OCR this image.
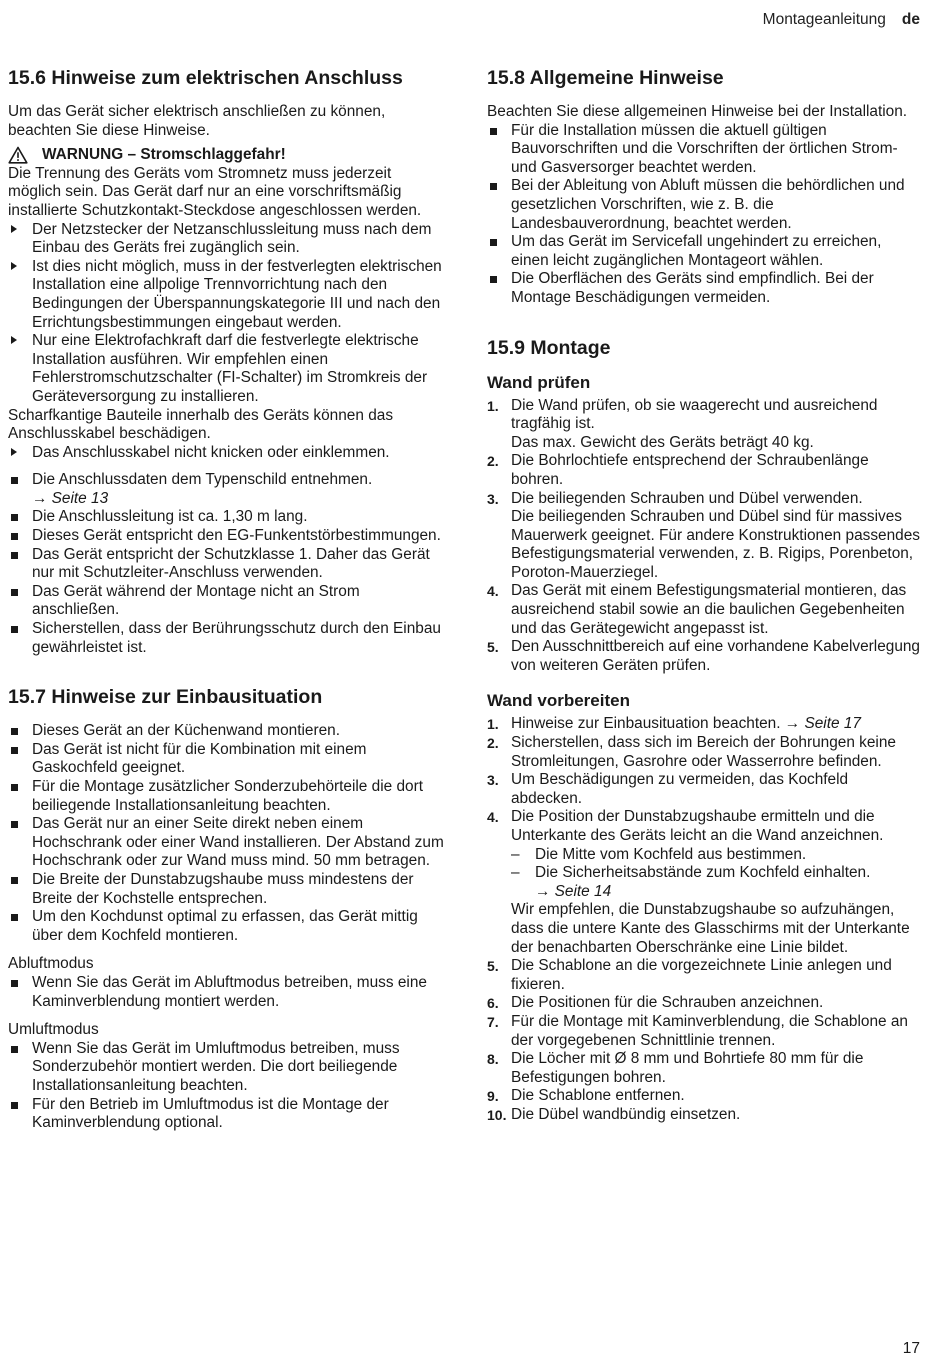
Montageanleitung de
15.6 Hinweise zum elektrischen Anschluss

Um das Gerät sicher elektrisch anschließen zu können, beachten Sie diese Hinweise.

WARNUNG – Stromschlaggefahr!

Die Trennung des Geräts vom Stromnetz muss jederzeit möglich sein. Das Gerät darf nur an eine vorschriftsmäßig installierte Schutzkontakt-Steckdose angeschlossen werden.

Der Netzstecker der Netzanschlussleitung muss nach dem Einbau des Geräts frei zugänglich sein.
Ist dies nicht möglich, muss in der festverlegten elektrischen Installation eine allpolige Trennvorrichtung nach den Bedingungen der Überspannungskategorie III und nach den Errichtungsbestimmungen eingebaut werden.
Nur eine Elektrofachkraft darf die festverlegte elektrische Installation ausführen. Wir empfehlen einen Fehlerstromschutzschalter (FI-Schalter) im Stromkreis der Geräteversorgung zu installieren.

Scharfkantige Bauteile innerhalb des Geräts können das Anschlusskabel beschädigen.

Das Anschlusskabel nicht knicken oder einklemmen.
Die Anschlussdaten dem Typenschild entnehmen.
→ Seite 13
Die Anschlussleitung ist ca. 1,30 m lang.
Dieses Gerät entspricht den EG-Funkentstörbestimmungen.
Das Gerät entspricht der Schutzklasse 1. Daher das Gerät nur mit Schutzleiter-Anschluss verwenden.
Das Gerät während der Montage nicht an Strom anschließen.
Sicherstellen, dass der Berührungsschutz durch den Einbau gewährleistet ist.
15.7 Hinweise zur Einbausituation
Dieses Gerät an der Küchenwand montieren.
Das Gerät ist nicht für die Kombination mit einem Gaskochfeld geeignet.
Für die Montage zusätzlicher Sonderzubehörteile die dort beiliegende Installationsanleitung beachten.
Das Gerät nur an einer Seite direkt neben einem Hochschrank oder einer Wand installieren. Der Abstand zum Hochschrank oder zur Wand muss mind. 50 mm betragen.
Die Breite der Dunstabzugshaube muss mindestens der Breite der Kochstelle entsprechen.
Um den Kochdunst optimal zu erfassen, das Gerät mittig über dem Kochfeld montieren.

Abluftmodus

Wenn Sie das Gerät im Abluftmodus betreiben, muss eine Kaminverblendung montiert werden.

Umluftmodus

Wenn Sie das Gerät im Umluftmodus betreiben, muss Sonderzubehör montiert werden. Die dort beiliegende Installationsanleitung beachten.
Für den Betrieb im Umluftmodus ist die Montage der Kaminverblendung optional.
15.8 Allgemeine Hinweise

Beachten Sie diese allgemeinen Hinweise bei der Installation.

Für die Installation müssen die aktuell gültigen Bauvorschriften und die Vorschriften der örtlichen Strom- und Gasversorger beachtet werden.
Bei der Ableitung von Abluft müssen die behördlichen und gesetzlichen Vorschriften, wie z. B. die Landesbauverordnung, beachtet werden.
Um das Gerät im Servicefall ungehindert zu erreichen, einen leicht zugänglichen Montageort wählen.
Die Oberflächen des Geräts sind empfindlich. Bei der Montage Beschädigungen vermeiden.
15.9 Montage
Wand prüfen
1. Die Wand prüfen, ob sie waagerecht und ausreichend tragfähig ist.
Das max. Gewicht des Geräts beträgt 40 kg.
2. Die Bohrlochtiefe entsprechend der Schraubenlänge bohren.
3. Die beiliegenden Schrauben und Dübel verwenden.
Die beiliegenden Schrauben und Dübel sind für massives Mauerwerk geeignet. Für andere Konstruktionen passendes Befestigungsmaterial verwenden, z. B. Rigips, Porenbeton, Poroton-Mauerziegel.
4. Das Gerät mit einem Befestigungsmaterial montieren, das ausreichend stabil sowie an die baulichen Gegebenheiten und das Gerätegewicht angepasst ist.
5. Den Ausschnittbereich auf eine vorhandene Kabelverlegung von weiteren Geräten prüfen.
Wand vorbereiten
1. Hinweise zur Einbausituation beachten. → Seite 17
2. Sicherstellen, dass sich im Bereich der Bohrungen keine Stromleitungen, Gasrohre oder Wasserrohre befinden.
3. Um Beschädigungen zu vermeiden, das Kochfeld abdecken.
4. Die Position der Dunstabzugshaube ermitteln und die Unterkante des Geräts leicht an die Wand anzeichnen.
– Die Mitte vom Kochfeld aus bestimmen.
– Die Sicherheitsabstände zum Kochfeld einhalten.
→ Seite 14
Wir empfehlen, die Dunstabzugshaube so aufzuhängen, dass die untere Kante des Glasschirms mit der Unterkante der benachbarten Oberschränke eine Linie bildet.
5. Die Schablone an die vorgezeichnete Linie anlegen und fixieren.
6. Die Positionen für die Schrauben anzeichnen.
7. Für die Montage mit Kaminverblendung, die Schablone an der vorgegebenen Schnittlinie trennen.
8. Die Löcher mit Ø 8 mm und Bohrtiefe 80 mm für die Befestigungen bohren.
9. Die Schablone entfernen.
10. Die Dübel wandbündig einsetzen.
17
